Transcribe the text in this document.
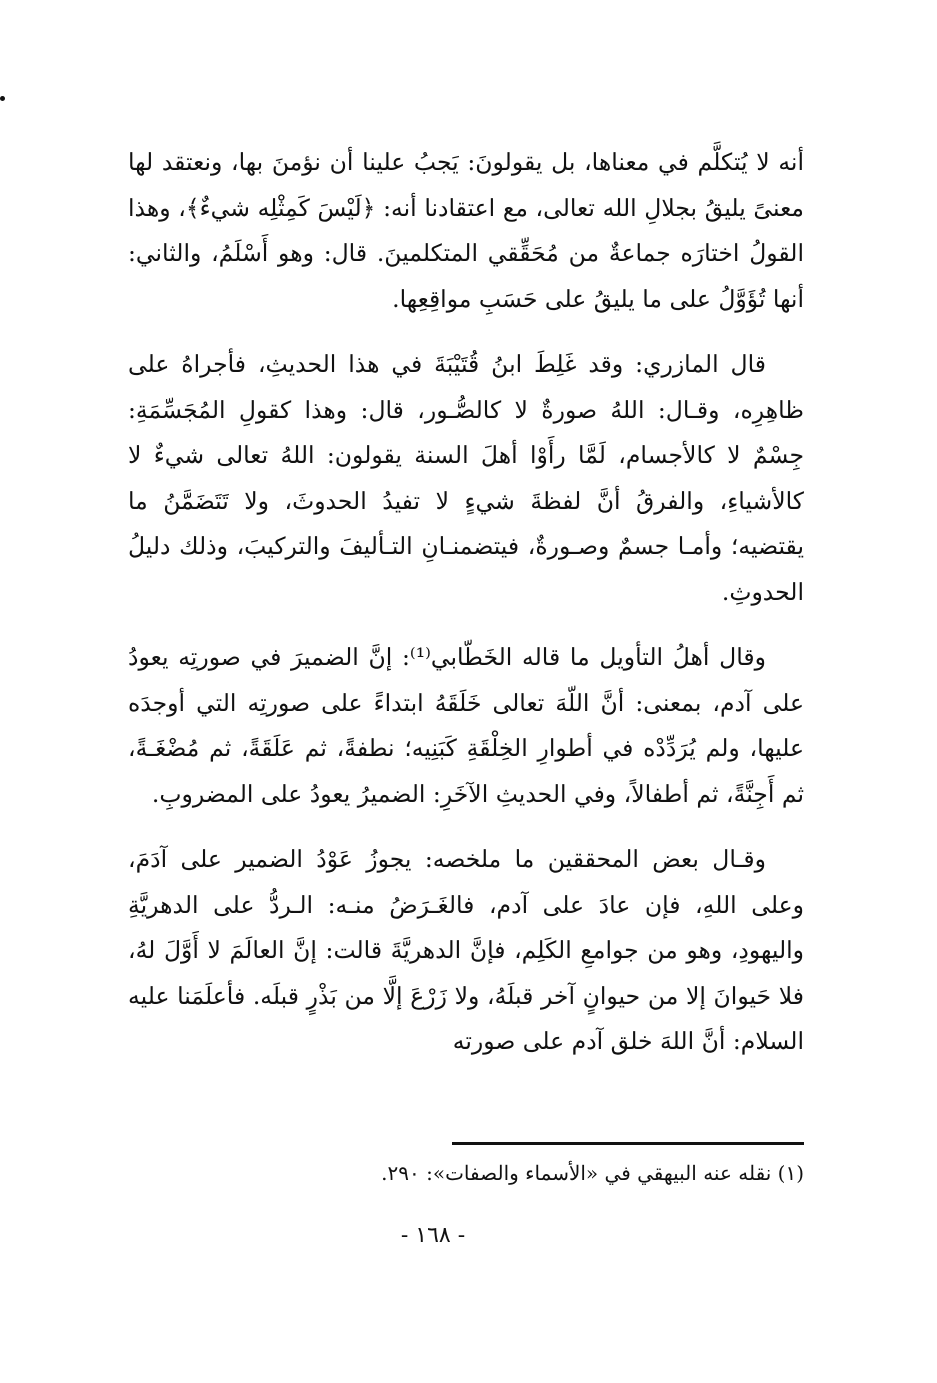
أنه لا يُتكلَّم في معناها، بل يقولونَ: يَجبُ علينا أن نؤمنَ بها، ونعتقد لها معنىً يليقُ بجلالِ الله تعالى، مع اعتقادنا أنه: ﴿لَيْسَ كَمِثْلِه شيءٌ﴾، وهذا القولُ اختارَه جماعةٌ من مُحَقِّقي المتكلمينَ. قال: وهو أَسْلَمُ، والثاني: أنها تُؤَوَّلُ على ما يليقُ على حَسَبِ مواقِعِها.

قال المازري: وقد غَلِطَ ابنُ قُتَيْبَةَ في هذا الحديثِ، فأجراهُ على ظاهِرِه، وقـال: اللهُ صورةٌ لا كالصُّـور، قال: وهذا كقولِ المُجَسِّمَةِ: جِسْمٌ لا كالأجسام، لَمَّا رأَوْا أهلَ السنة يقولون: اللهُ تعالى شيءٌ لا كالأشياءِ، والفرقُ أنَّ لفظةَ شيءٍ لا تفيدُ الحدوثَ، ولا تَتَضَمَّنُ ما يقتضيه؛ وأمـا جسمٌ وصـورةٌ، فيتضمنـانِ التـأليفَ والتركيبَ، وذلك دليلُ الحدوثِ.

وقال أهلُ التأويل ما قاله الخَطّابي⁽¹⁾: إنَّ الضميرَ في صورتِه يعودُ على آدم، بمعنى: أنَّ اللّهَ تعالى خَلَقَهُ ابتداءً على صورتِه التي أوجدَه عليها، ولم يُرَدِّدْه في أطوارِ الخِلْقَةِ كَبَنِيه؛ نطفةً، ثم عَلَقَةً، ثم مُضْغَـةً، ثم أَجِنَّةً، ثم أطفالاً، وفي الحديثِ الآخَرِ: الضميرُ يعودُ على المضروبِ.

وقـال بعض المحققين ما ملخصه: يجوزُ عَوْدُ الضمير على آدَمَ، وعلى اللهِ، فإن عادَ على آدم، فالغَـرَضُ منـه: الـردُّ على الدهريَّةِ واليهودِ، وهو من جوامعِ الكَلِم، فإنَّ الدهريَّةَ قالت: إنَّ العالَمَ لا أَوَّلَ لهُ، فلا حَيوانَ إلا من حيوانٍ آخر قبلَهُ، ولا زَرْعَ إلَّا من بَذْرٍ قبلَه. فأعلَمَنا عليه السلام: أنَّ اللهَ خلق آدم على صورته

(١) نقله عنه البيهقي في «الأسماء والصفات»: ٢٩٠.
- ١٦٨ -
